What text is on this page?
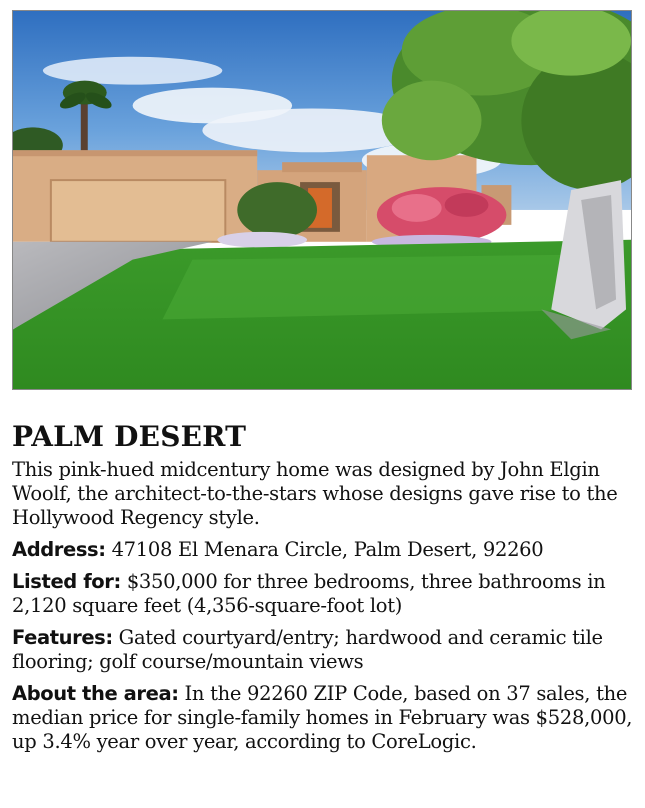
PALM DESERT

This pink-hued midcentury home was designed by John Elgin Woolf, the architect-to-the-stars whose designs gave rise to the Hollywood Regency style.

Address: 47108 El Menara Circle, Palm Desert, 92260

Listed for: $350,000 for three bedrooms, three bathrooms in 2,120 square feet (4,356-square-foot lot)

Features: Gated courtyard/entry; hardwood and ceramic tile flooring; golf course/mountain views

About the area: In the 92260 ZIP Code, based on 37 sales, the median price for single-family homes in February was $528,000, up 3.4% year over year, according to CoreLogic.
